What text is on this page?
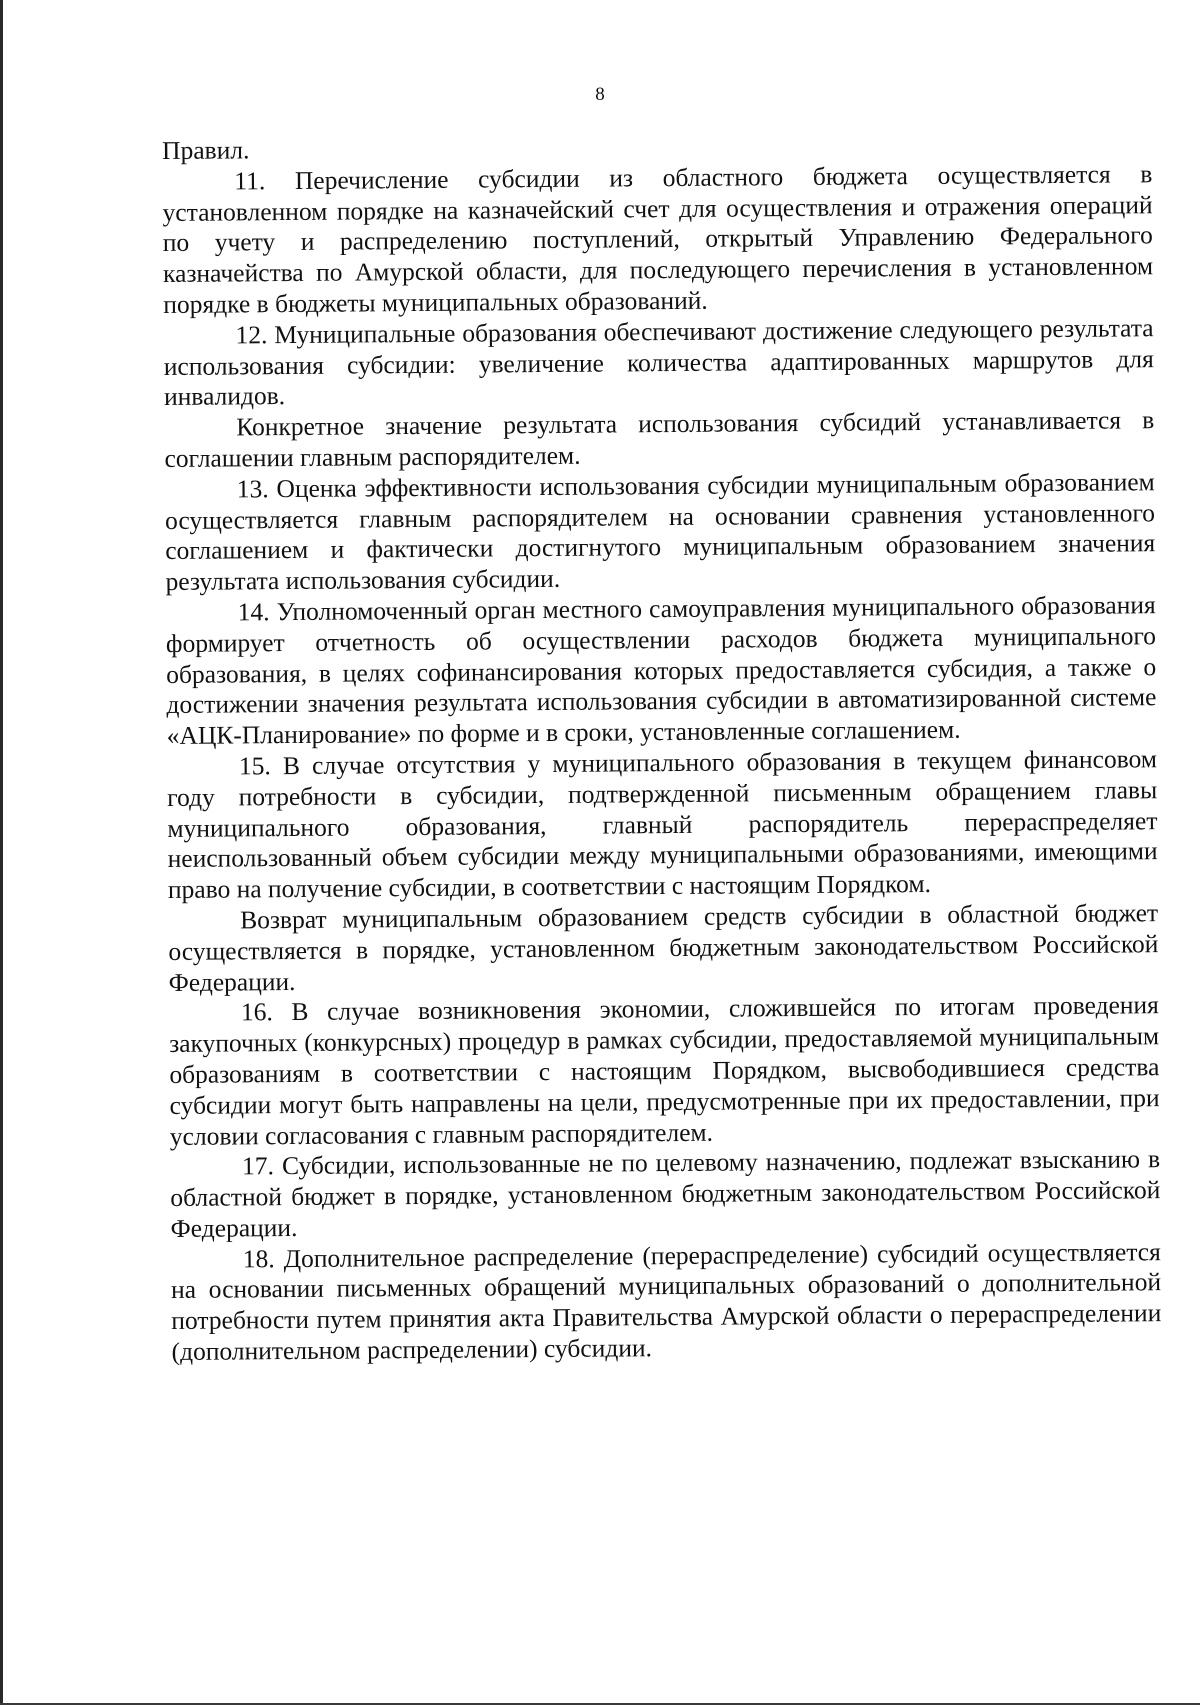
8

Правил.

11. Перечисление субсидии из областного бюджета осуществляется в установленном порядке на казначейский счет для осуществления и отражения операций по учету и распределению поступлений, открытый Управлению Федерального казначейства по Амурской области, для последующего перечисления в установленном порядке в бюджеты муниципальных образований.

12. Муниципальные образования обеспечивают достижение следующего результата использования субсидии: увеличение количества адаптированных маршрутов для инвалидов.

Конкретное значение результата использования субсидий устанавливается в соглашении главным распорядителем.

13. Оценка эффективности использования субсидии муниципальным образованием осуществляется главным распорядителем на основании сравнения установленного соглашением и фактически достигнутого муниципальным образованием значения результата использования субсидии.

14. Уполномоченный орган местного самоуправления муниципального образования формирует отчетность об осуществлении расходов бюджета муниципального образования, в целях софинансирования которых предоставляется субсидия, а также о достижении значения результата использования субсидии в автоматизированной системе «АЦК-Планирование» по форме и в сроки, установленные соглашением.

15. В случае отсутствия у муниципального образования в текущем финансовом году потребности в субсидии, подтвержденной письменным обращением главы муниципального образования, главный распорядитель перераспределяет неиспользованный объем субсидии между муниципальными образованиями, имеющими право на получение субсидии, в соответствии с настоящим Порядком.

Возврат муниципальным образованием средств субсидии в областной бюджет осуществляется в порядке, установленном бюджетным законодательством Российской Федерации.

16. В случае возникновения экономии, сложившейся по итогам проведения закупочных (конкурсных) процедур в рамках субсидии, предоставляемой муниципальным образованиям в соответствии с настоящим Порядком, высвободившиеся средства субсидии могут быть направлены на цели, предусмотренные при их предоставлении, при условии согласования с главным распорядителем.

17. Субсидии, использованные не по целевому назначению, подлежат взысканию в областной бюджет в порядке, установленном бюджетным законодательством Российской Федерации.

18. Дополнительное распределение (перераспределение) субсидий осуществляется на основании письменных обращений муниципальных образований о дополнительной потребности путем принятия акта Правительства Амурской области о перераспределении (дополнительном распределении) субсидии.
